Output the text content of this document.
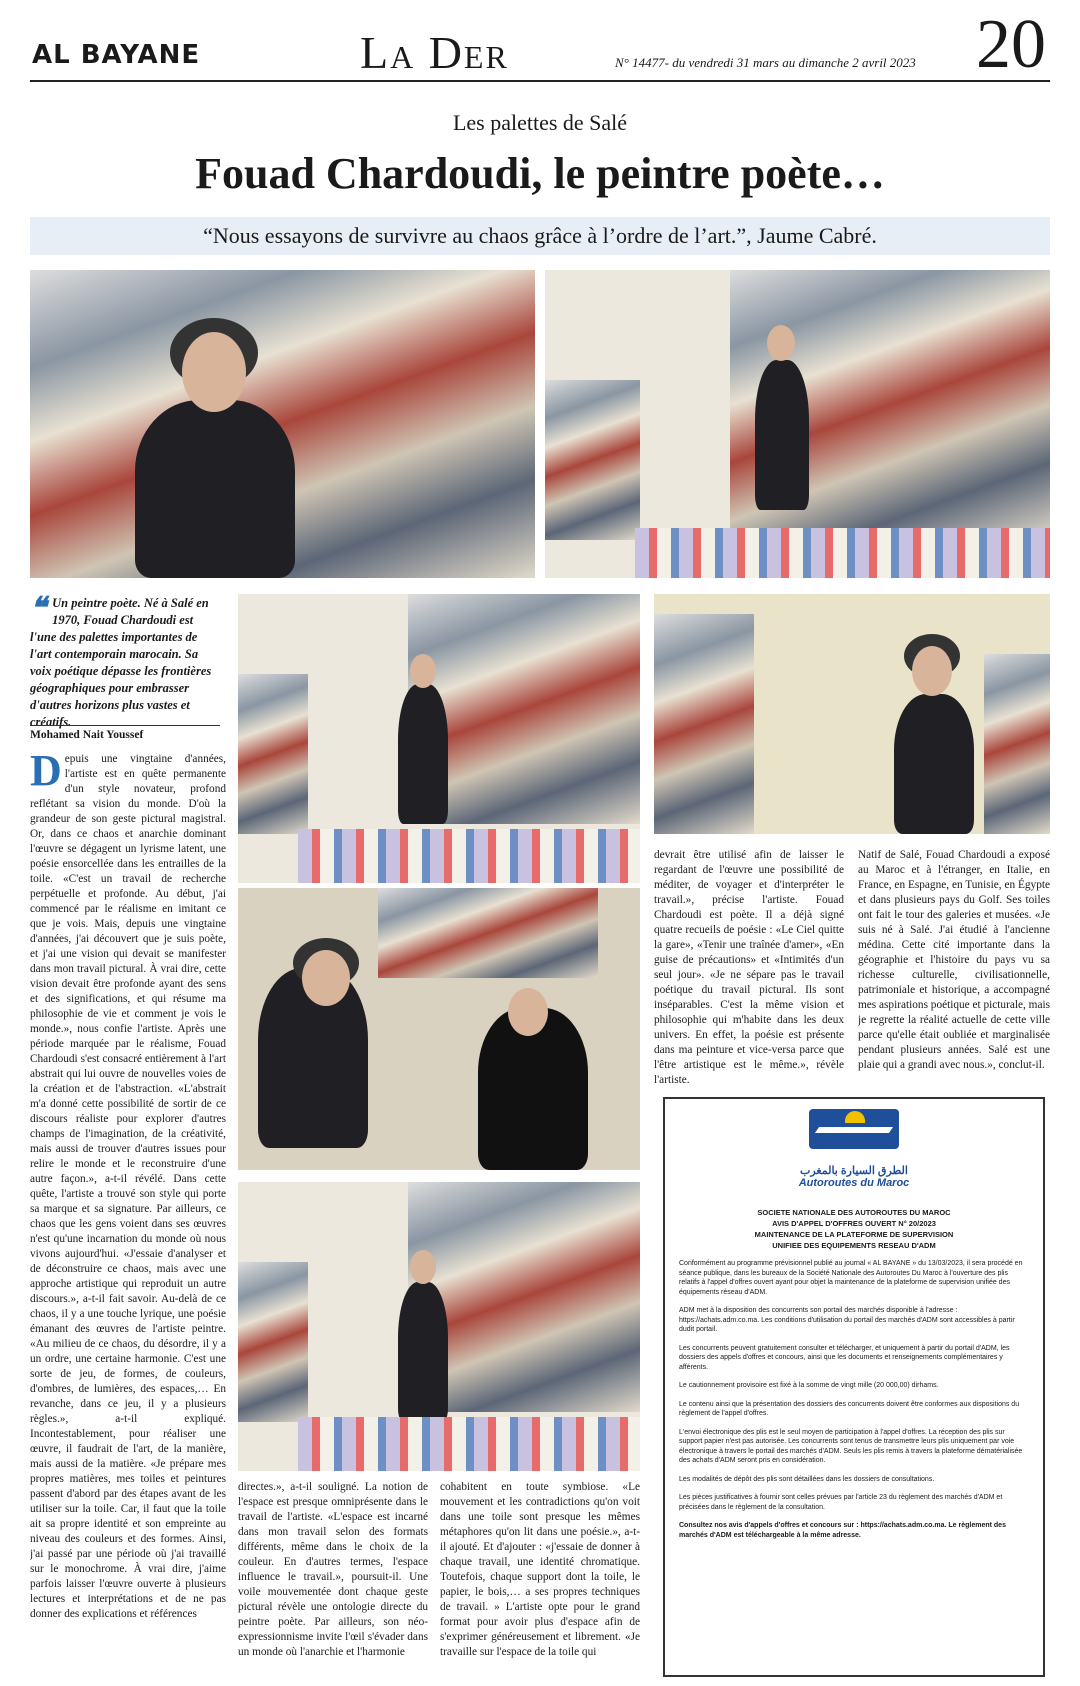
AL BAYANE	La Der	N° 14477- du vendredi 31 mars au dimanche 2 avril 2023 20
Les palettes de Salé
Fouad Chardoudi, le peintre poète…
“Nous essayons de survivre au chaos grâce à l’ordre de l’art.”, Jaume Cabré.
❝ Un peintre poète. Né à Salé en 1970, Fouad Chardoudi est l'une des palettes importantes de l'art contemporain marocain. Sa voix poétique dépasse les frontières géographiques pour embrasser d'autres horizons plus vastes et créatifs.
Mohamed Nait Youssef
Depuis une vingtaine d'années, l'artiste est en quête permanente d'un style novateur, profond reflétant sa vision du monde. D'où la grandeur de son geste pictural magistral. Or, dans ce chaos et anarchie dominant l'œuvre se dégagent un lyrisme latent, une poésie ensorcellée dans les entrailles de la toile. «C'est un travail de recherche perpétuelle et profonde. Au début, j'ai commencé par le réalisme en imitant ce que je vois. Mais, depuis une vingtaine d'années, j'ai découvert que je suis poète, et j'ai une vision qui devait se manifester dans mon travail pictural. À vrai dire, cette vision devait être profonde ayant des sens et des significations, et qui résume ma philosophie de vie et comment je vois le monde.», nous confie l'artiste. Après une période marquée par le réalisme, Fouad Chardoudi s'est consacré entièrement à l'art abstrait qui lui ouvre de nouvelles voies de la création et de l'abstraction. «L'abstrait m'a donné cette possibilité de sortir de ce discours réaliste pour explorer d'autres champs de l'imagination, de la créativité, mais aussi de trouver d'autres issues pour relire le monde et le reconstruire d'une autre façon.», a-t-il révélé. Dans cette quête, l'artiste a trouvé son style qui porte sa marque et sa signature. Par ailleurs, ce chaos que les gens voient dans ses œuvres n'est qu'une incarnation du monde où nous vivons aujourd'hui. «J'essaie d'analyser et de déconstruire ce chaos, mais avec une approche artistique qui reproduit un autre discours.», a-t-il fait savoir. Au-delà de ce chaos, il y a une touche lyrique, une poésie émanant des œuvres de l'artiste peintre. «Au milieu de ce chaos, du désordre, il y a un ordre, une certaine harmonie. C'est une sorte de jeu, de formes, de couleurs, d'ombres, de lumières, des espaces,… En revanche, dans ce jeu, il y a plusieurs règles.», a-t-il expliqué. Incontestablement, pour réaliser une œuvre, il faudrait de l'art, de la manière, mais aussi de la matière. «Je prépare mes propres matières, mes toiles et peintures passent d'abord par des étapes avant de les utiliser sur la toile. Car, il faut que la toile ait sa propre identité et son empreinte au niveau des couleurs et des formes. Ainsi, j'ai passé par une période où j'ai travaillé sur le monochrome. À vrai dire, j'aime parfois laisser l'œuvre ouverte à plusieurs lectures et interprétations et de ne pas donner des explications et références
directes.», a-t-il souligné. La notion de l'espace est presque omniprésente dans le travail de l'artiste. «L'espace est incarné dans mon travail selon des formats différents, même dans le choix de la couleur. En d'autres termes, l'espace influence le travail.», poursuit-il. Une voile mouvementée dont chaque geste pictural révèle une ontologie directe du peintre poète. Par ailleurs, son néo-expressionnisme invite l'œil s'évader dans un monde où l'anarchie et l'harmonie
cohabitent en toute symbiose. «Le mouvement et les contradictions qu'on voit dans une toile sont presque les mêmes métaphores qu'on lit dans une poésie.», a-t-il ajouté. Et d'ajouter : «j'essaie de donner à chaque travail, une identité chromatique. Toutefois, chaque support dont la toile, le papier, le bois,… a ses propres techniques de travail. » L'artiste opte pour le grand format pour avoir plus d'espace afin de s'exprimer généreusement et librement. «Je travaille sur l'espace de la toile qui
devrait être utilisé afin de laisser le regardant de l'œuvre une possibilité de méditer, de voyager et d'interpréter le travail.», précise l'artiste. Fouad Chardoudi est poète. Il a déjà signé quatre recueils de poésie : «Le Ciel quitte la gare», «Tenir une traînée d'amer», «En guise de précautions» et «Intimités d'un seul jour». «Je ne sépare pas le travail poétique du travail pictural. Ils sont inséparables. C'est la même vision et philosophie qui m'habite dans les deux univers. En effet, la poésie est présente dans ma peinture et vice-versa parce que l'être artistique est le même.», révèle l'artiste.
Natif de Salé, Fouad Chardoudi a exposé au Maroc et à l'étranger, en Italie, en France, en Espagne, en Tunisie, en Égypte et dans plusieurs pays du Golf. Ses toiles ont fait le tour des galeries et musées. «Je suis né à Salé. J'ai étudié à l'ancienne médina. Cette cité importante dans la géographie et l'histoire du pays vu sa richesse culturelle, civilisationnelle, patrimoniale et historique, a accompagné mes aspirations poétique et picturale, mais je regrette la réalité actuelle de cette ville parce qu'elle était oubliée et marginalisée pendant plusieurs années. Salé est une plaie qui a grandi avec nous.», conclut-il.
الطرق السيارة بالمغرب
Autoroutes du Maroc
SOCIETE NATIONALE DES AUTOROUTES DU MAROC
AVIS D'APPEL D'OFFRES OUVERT N° 20/2023
MAINTENANCE DE LA PLATEFORME DE SUPERVISION
UNIFIEE DES EQUIPEMENTS RESEAU D'ADM
Conformément au programme prévisionnel publié au journal « AL BAYANE » du 13/03/2023, il sera procédé en séance publique, dans les bureaux de la Société Nationale des Autoroutes Du Maroc à l'ouverture des plis relatifs à l'appel d'offres ouvert ayant pour objet la maintenance de la plateforme de supervision unifiée des équipements réseau d'ADM.
ADM met à la disposition des concurrents son portail des marchés disponible à l'adresse : https://achats.adm.co.ma. Les conditions d'utilisation du portail des marchés d'ADM sont accessibles à partir dudit portail.
Les concurrents peuvent gratuitement consulter et télécharger, et uniquement à partir du portail d'ADM, les dossiers des appels d'offres et concours, ainsi que les documents et renseignements complémentaires y afférents.
Le cautionnement provisoire est fixé à la somme de vingt mille (20 000,00) dirhams.
Le contenu ainsi que la présentation des dossiers des concurrents doivent être conformes aux dispositions du règlement de l'appel d'offres.
L'envoi électronique des plis est le seul moyen de participation à l'appel d'offres. La réception des plis sur support papier n'est pas autorisée. Les concurrents sont tenus de transmettre leurs plis uniquement par voie électronique à travers le portail des marchés d'ADM. Seuls les plis remis à travers la plateforme dématérialisée des achats d'ADM seront pris en considération.
Les modalités de dépôt des plis sont détaillées dans les dossiers de consultations.
Les pièces justificatives à fournir sont celles prévues par l'article 23 du règlement des marchés d'ADM et précisées dans le règlement de la consultation.
Consultez nos avis d'appels d'offres et concours sur : https://achats.adm.co.ma. Le règlement des marchés d'ADM est téléchargeable à la même adresse.
